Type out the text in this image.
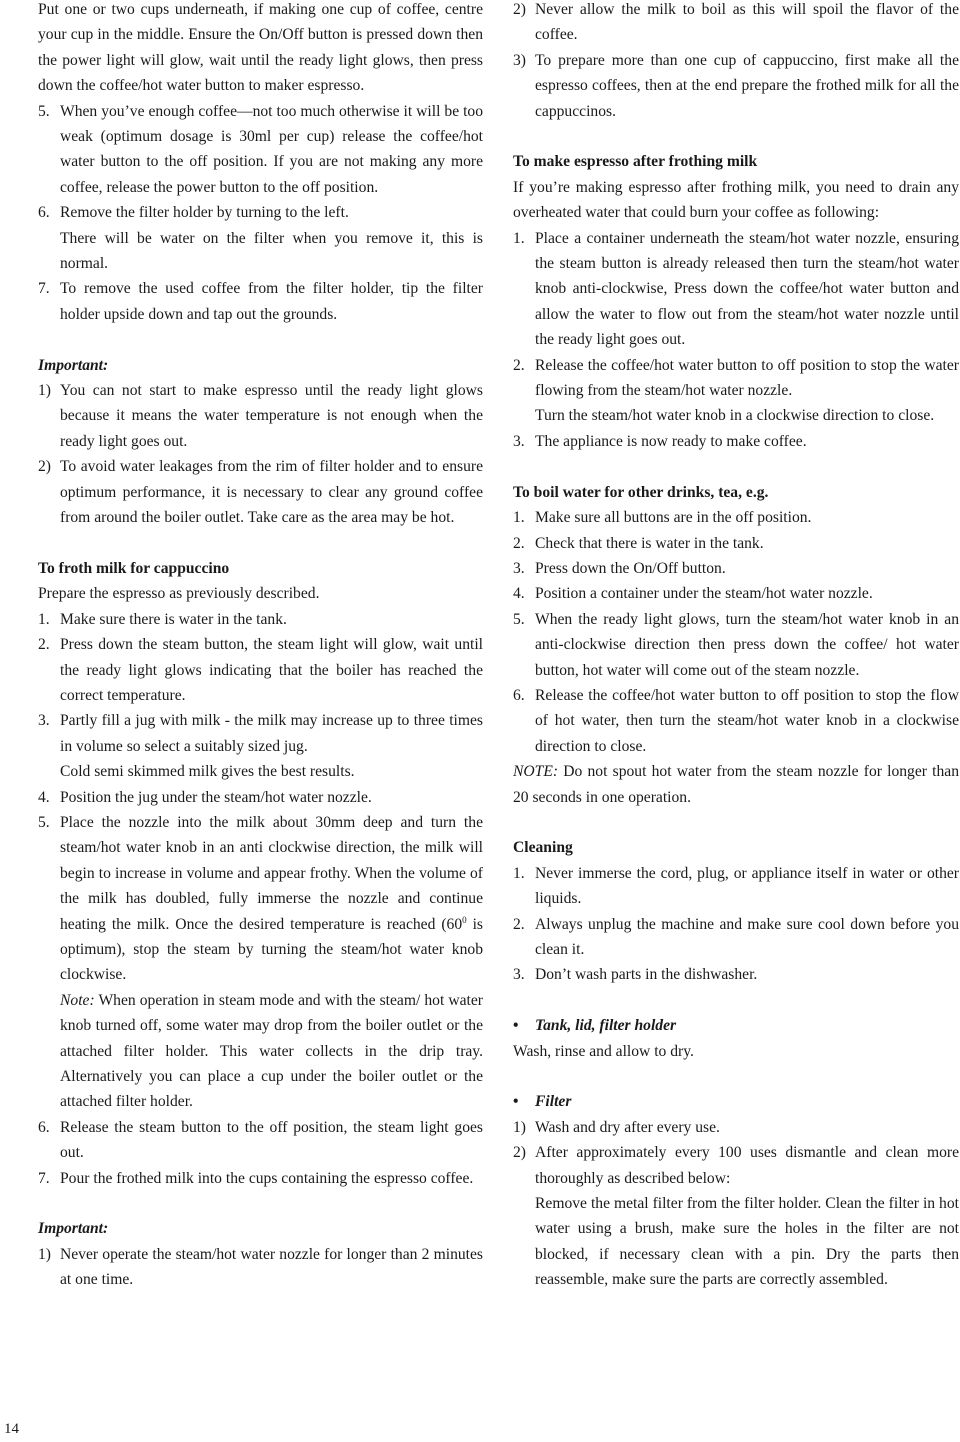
Put one or two cups underneath, if making one cup of coffee, centre your cup in the middle. Ensure the On/Off button is pressed down then the power light will glow, wait until the ready light glows, then press down the coffee/hot water button to maker espresso.

5. When you’ve enough coffee—not too much otherwise it will be too weak (optimum dosage is 30ml per cup) release the coffee/hot water button to the off position. If you are not making any more coffee, release the power button to the off position.
6. Remove the filter holder by turning to the left.
There will be water on the filter when you remove it, this is normal.
7. To remove the used coffee from the filter holder, tip the filter holder upside down and tap out the grounds.

Important:

1) You can not start to make espresso until the ready light glows because it means the water temperature is not enough when the ready light goes out.
2) To avoid water leakages from the rim of filter holder and to ensure optimum performance, it is necessary to clear any ground coffee from around the boiler outlet. Take care as the area may be hot.

To froth milk for cappuccino

Prepare the espresso as previously described.

1. Make sure there is water in the tank.
2. Press down the steam button, the steam light will glow, wait until the ready light glows indicating that the boiler has reached the correct temperature.
3. Partly fill a jug with milk - the milk may increase up to three times in volume so select a suitably sized jug.
Cold semi skimmed milk gives the best results.
4. Position the jug under the steam/hot water nozzle.
5. Place the nozzle into the milk about 30mm deep and turn the steam/hot water knob in an anti clockwise direction, the milk will begin to increase in volume and appear frothy. When the volume of the milk has doubled, fully immerse the nozzle and continue heating the milk. Once the desired temperature is reached ($60^0$ is optimum), stop the steam by turning the steam/hot water knob clockwise.
Note: When operation in steam mode and with the steam/ hot water knob turned off, some water may drop from the boiler outlet or the attached filter holder. This water collects in the drip tray. Alternatively you can place a cup under the boiler outlet or the attached filter holder.
6. Release the steam button to the off position, the steam light goes out.
7. Pour the frothed milk into the cups containing the espresso coffee.

Important:

1) Never operate the steam/hot water nozzle for longer than 2 minutes at one time.
2) Never allow the milk to boil as this will spoil the flavor of the coffee.
3) To prepare more than one cup of cappuccino, first make all the espresso coffees, then at the end prepare the frothed milk for all the cappuccinos.

To make espresso after frothing milk

If you’re making espresso after frothing milk, you need to drain any overheated water that could burn your coffee as following:

1. Place a container underneath the steam/hot water nozzle, ensuring the steam button is already released then turn the steam/hot water knob anti-clockwise, Press down the coffee/hot water button and allow the water to flow out from the steam/hot water nozzle until the ready light goes out.
2. Release the coffee/hot water button to off position to stop the water flowing from the steam/hot water nozzle.
Turn the steam/hot water knob in a clockwise direction to close.
3. The appliance is now ready to make coffee.

To boil water for other drinks, tea, e.g.

1. Make sure all buttons are in the off position.
2. Check that there is water in the tank.
3. Press down the On/Off button.
4. Position a container under the steam/hot water nozzle.
5. When the ready light glows, turn the steam/hot water knob in an anti-clockwise direction then press down the coffee/ hot water button, hot water will come out of the steam nozzle.
6. Release the coffee/hot water button to off position to stop the flow of hot water, then turn the steam/hot water knob in a clockwise direction to close.

NOTE: Do not spout hot water from the steam nozzle for longer than 20 seconds in one operation.

Cleaning

1. Never immerse the cord, plug, or appliance itself in water or other liquids.
2. Always unplug the machine and make sure cool down before you clean it.
3. Don’t wash parts in the dishwasher.
•	Tank, lid, filter holder

Wash, rinse and allow to dry.

•	Filter
1) Wash and dry after every use.
2) After approximately every 100 uses dismantle and clean more thoroughly as described below:
Remove the metal filter from the filter holder. Clean the filter in hot water using a brush, make sure the holes in the filter are not blocked, if necessary clean with a pin. Dry the parts then reassemble, make sure the parts are correctly assembled.
14
